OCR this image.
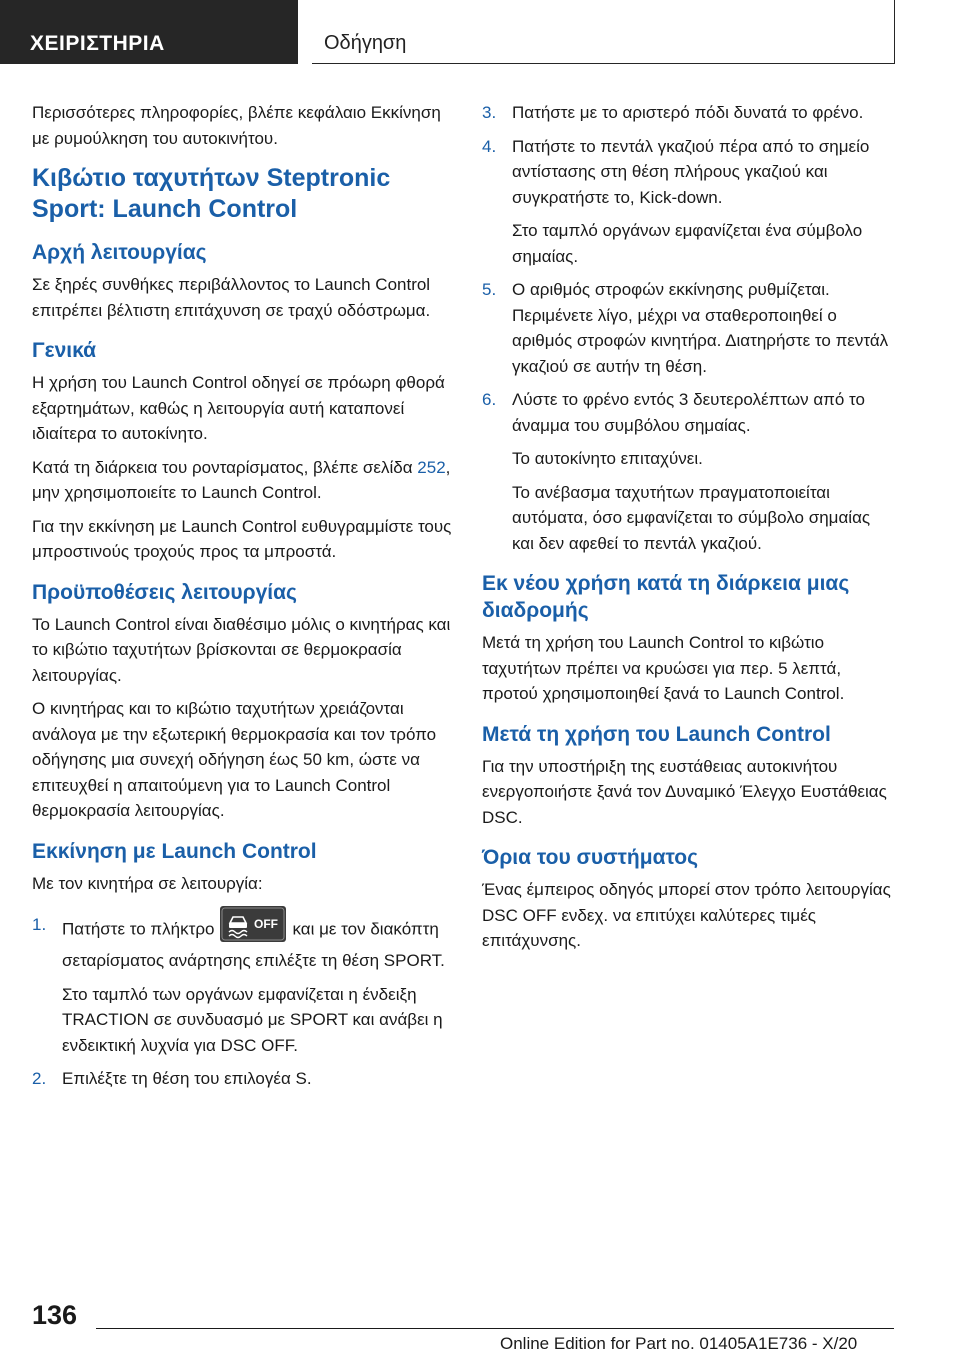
ΧΕΙΡΙΣΤΗΡΙΑ	Οδήγηση

Περισσότερες πληροφορίες, βλέπε κεφάλαιο Εκκίνηση με ρυμούλκηση του αυτοκινήτου.

Κιβώτιο ταχυτήτων Steptronic Sport: Launch Control
Αρχή λειτουργίας

Σε ξηρές συνθήκες περιβάλλοντος το Launch Control επιτρέπει βέλτιστη επιτάχυνση σε τραχύ οδόστρωμα.

Γενικά

Η χρήση του Launch Control οδηγεί σε πρόωρη φθορά εξαρτημάτων, καθώς η λειτουργία αυτή καταπονεί ιδιαίτερα το αυτοκίνητο.

Κατά τη διάρκεια του ρονταρίσματος, βλέπε σελίδα 252, μην χρησιμοποιείτε το Launch Control.

Για την εκκίνηση με Launch Control ευθυγραμμίστε τους μπροστινούς τροχούς προς τα μπροστά.

Προϋποθέσεις λειτουργίας

Το Launch Control είναι διαθέσιμο μόλις ο κινητήρας και το κιβώτιο ταχυτήτων βρίσκονται σε θερμοκρασία λειτουργίας.

Ο κινητήρας και το κιβώτιο ταχυτήτων χρειάζονται ανάλογα με την εξωτερική θερμοκρασία και τον τρόπο οδήγησης μια συνεχή οδήγηση έως 50 km, ώστε να επιτευχθεί η απαιτούμενη για το Launch Control θερμοκρασία λειτουργίας.

Εκκίνηση με Launch Control

Με τον κινητήρα σε λειτουργία:

1. Πατήστε το πλήκτρο	OFF και με τον διακόπτη σεταρίσματος ανάρτησης επιλέξτε τη θέση SPORT.

Στο ταμπλό των οργάνων εμφανίζεται η ένδειξη TRACTION σε συνδυασμό με SPORT και ανάβει η ενδεικτική λυχνία για DSC OFF.

2. Επιλέξτε τη θέση του επιλογέα S.
3. Πατήστε με το αριστερό πόδι δυνατά το φρένο.
4. Πατήστε το πεντάλ γκαζιού πέρα από το σημείο αντίστασης στη θέση πλήρους γκαζιού και συγκρατήστε το, Kick-down.

Στο ταμπλό οργάνων εμφανίζεται ένα σύμβολο σημαίας.

5. Ο αριθμός στροφών εκκίνησης ρυθμίζεται. Περιμένετε λίγο, μέχρι να σταθεροποιηθεί ο αριθμός στροφών κινητήρα. Διατηρήστε το πεντάλ γκαζιού σε αυτήν τη θέση.
6. Λύστε το φρένο εντός 3 δευτερολέπτων από το άναμμα του συμβόλου σημαίας.

Το αυτοκίνητο επιταχύνει.

Το ανέβασμα ταχυτήτων πραγματοποιείται αυτόματα, όσο εμφανίζεται το σύμβολο σημαίας και δεν αφεθεί το πεντάλ γκαζιού.

Εκ νέου χρήση κατά τη διάρκεια μιας διαδρομής

Μετά τη χρήση του Launch Control το κιβώτιο ταχυτήτων πρέπει να κρυώσει για περ. 5 λεπτά, προτού χρησιμοποιηθεί ξανά το Launch Control.

Μετά τη χρήση του Launch Control

Για την υποστήριξη της ευστάθειας αυτοκινήτου ενεργοποιήστε ξανά τον Δυναμικό Έλεγχο Ευστάθειας DSC.

Όρια του συστήματος

Ένας έμπειρος οδηγός μπορεί στον τρόπο λειτουργίας DSC OFF ενδεχ. να επιτύχει καλύτερες τιμές επιτάχυνσης.

136
Online Edition for Part no. 01405A1E736 - X/20
